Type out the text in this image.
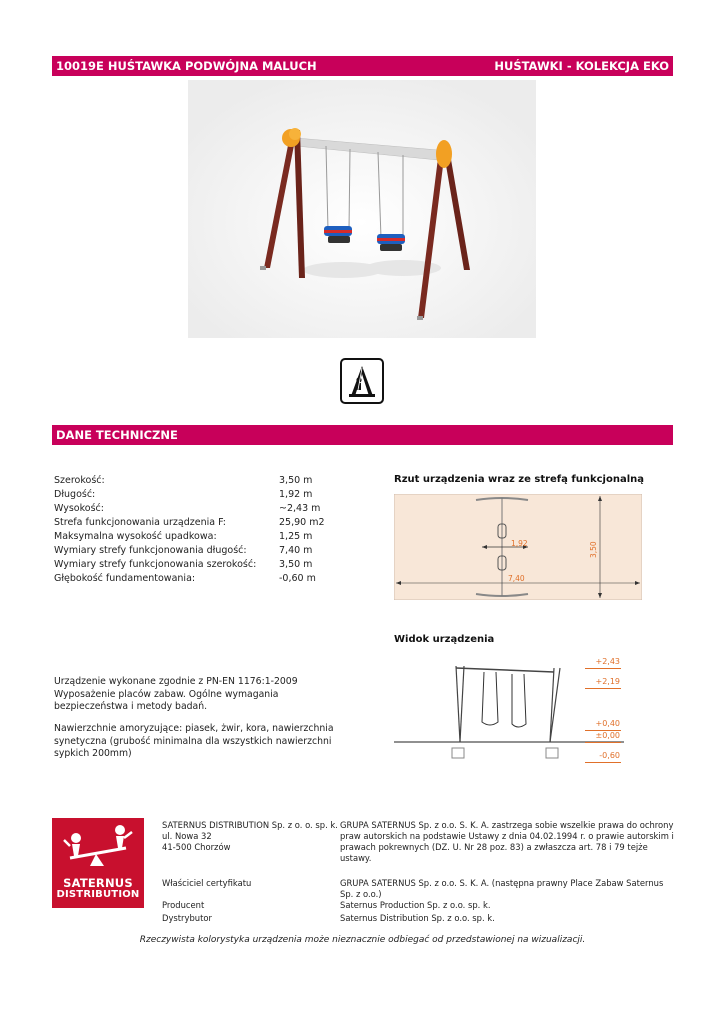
10019E HUŚTAWKA PODWÓJNA MALUCH	HUŚTAWKI - KOLEKCJA EKO
DANE TECHNICZNE
Szerokość:	3,50 m
Długość:	1,92 m
Wysokość:	~2,43 m
Strefa funkcjonowania urządzenia F:	25,90 m2
Maksymalna wysokość upadkowa:	1,25 m
Wymiary strefy funkcjonowania długość:	7,40 m
Wymiary strefy funkcjonowania szerokość: 3,50 m
Głębokość fundamentowania:	-0,60 m
Rzut urządzenia wraz ze strefą funkcjonalną
1,92
7,40
3,50
Widok urządzenia
+2,43
+2,19
+0,40
±0,00
-0,60
Urządzenie wykonane zgodnie z PN-EN 1176:1-2009 Wyposażenie placów zabaw. Ogólne wymagania bezpieczeństwa i metody badań.
Nawierzchnie amoryzujące: piasek, żwir, kora, nawierzchnia synetyczna (grubość minimalna dla wszystkich nawierzchni sypkich 200mm)
SATERNUS
DISTRIBUTION
SATERNUS DISTRIBUTION Sp. z o. o. sp. k.
ul. Nowa 32
41-500 Chorzów
GRUPA SATERNUS Sp. z o.o. S. K. A. zastrzega sobie wszelkie prawa do ochrony praw autorskich na podstawie Ustawy z dnia 04.02.1994 r. o prawie autorskim i prawach pokrewnych (DZ. U. Nr 28 poz. 83) a zwłaszcza art. 78 i 79 tejże ustawy.
Właściciel certyfikatu	GRUPA SATERNUS Sp. z o.o. S. K. A. (następna prawny Place Zabaw Saternus Sp. z o.o.)
Producent	Saternus Production Sp. z o.o. sp. k.
Dystrybutor	Saternus Distribution Sp. z o.o. sp. k.
Rzeczywista kolorystyka urządzenia może nieznacznie odbiegać od przedstawionej na wizualizacji.
